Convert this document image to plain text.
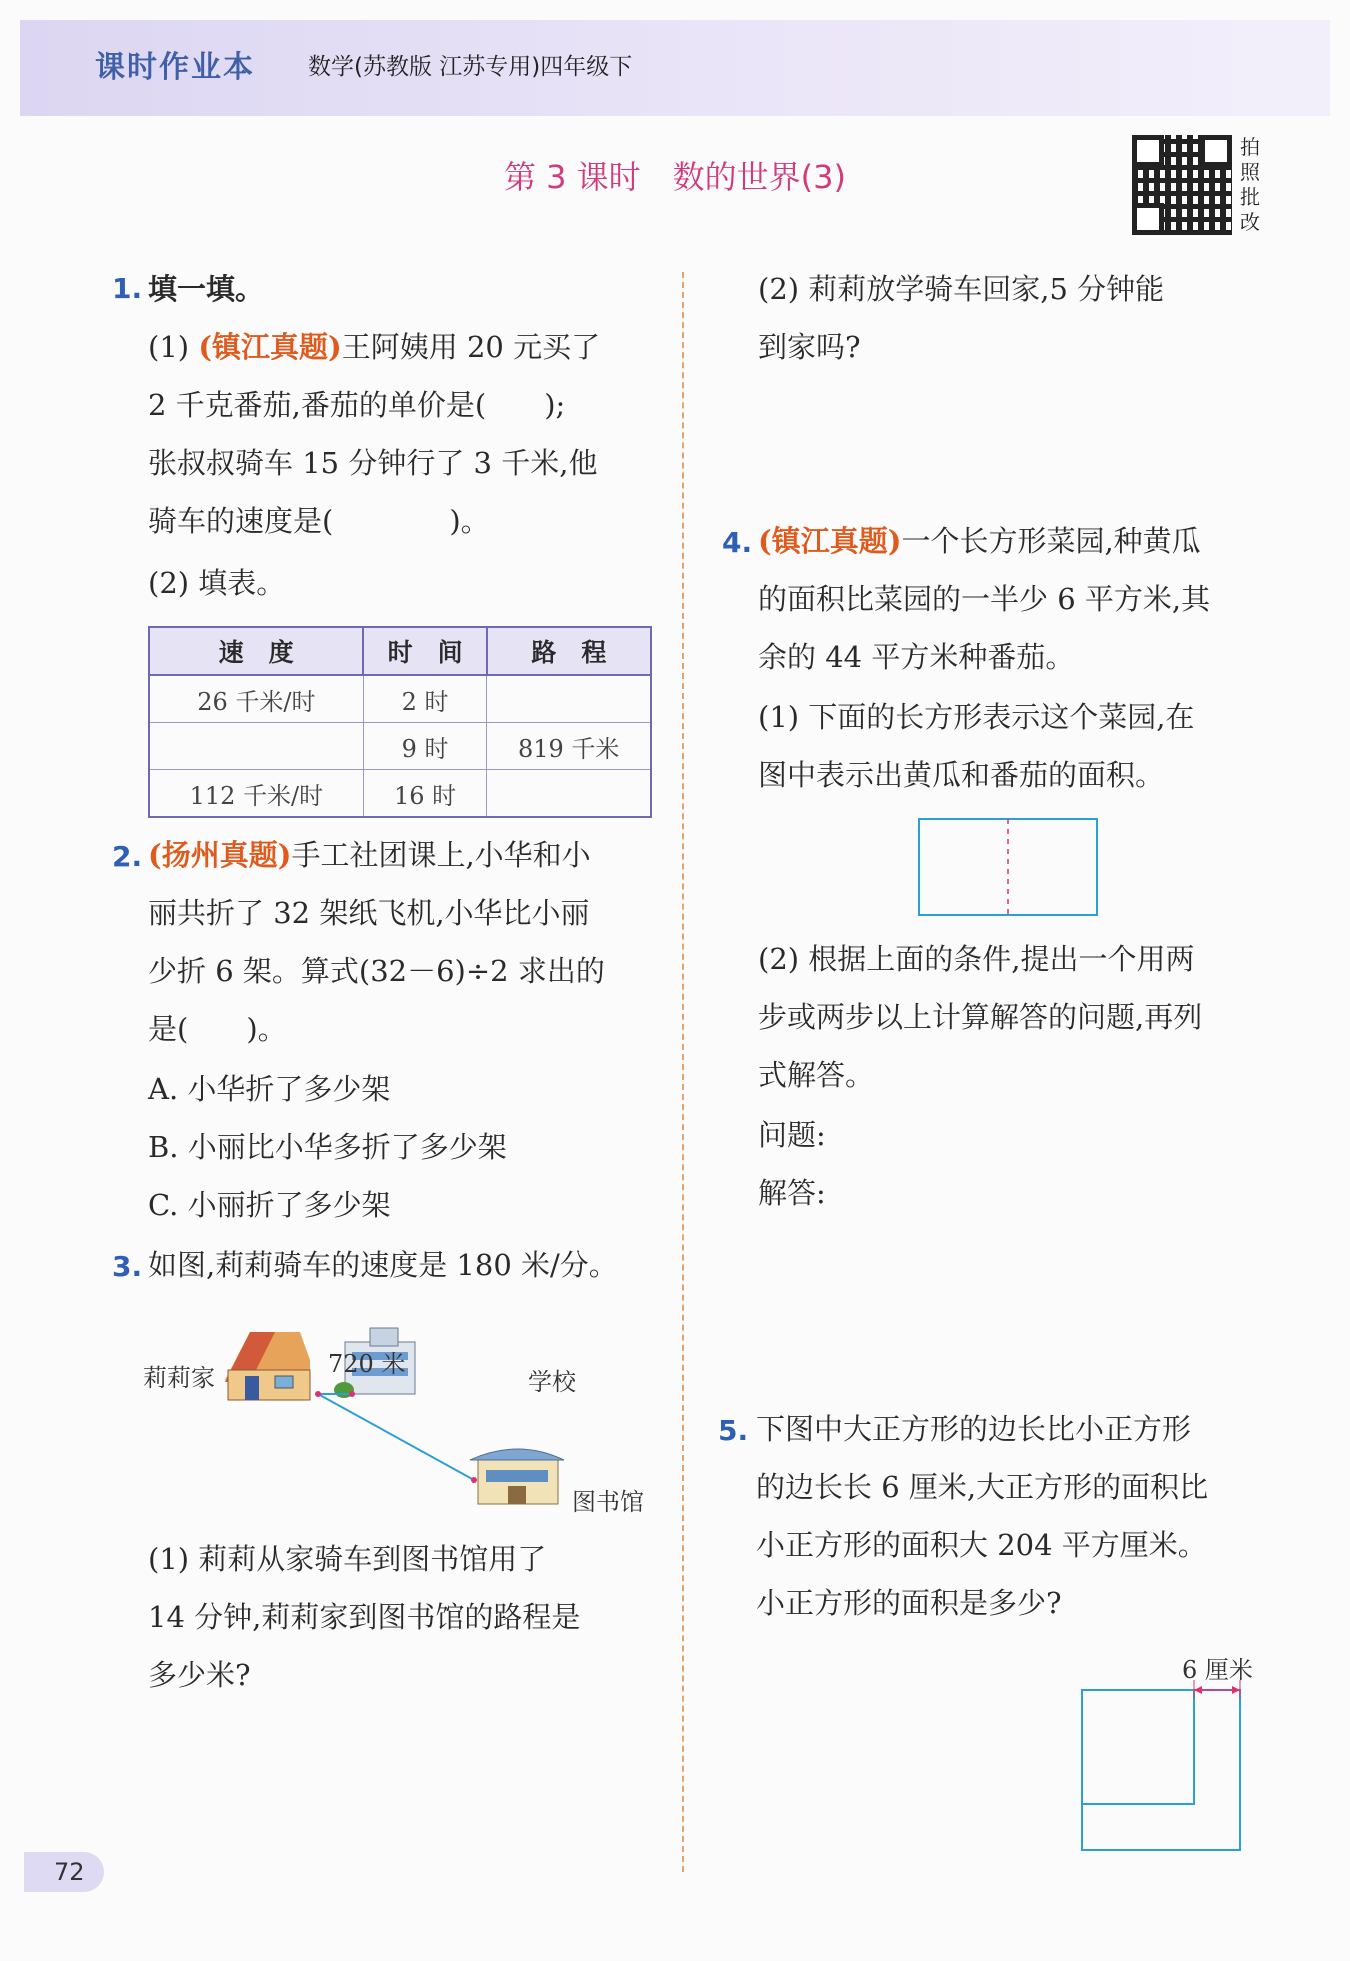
课时作业本 数学(苏教版 江苏专用)四年级下
第 3 课时　数的世界(3)
拍
照
批
改
1. 填一填。
(1) (镇江真题)王阿姨用 20 元买了
2 千克番茄,番茄的单价是(　　);
张叔叔骑车 15 分钟行了 3 千米,他
骑车的速度是(　　　　)。
(2) 填表。
速　度	时　间	路　程
26 千米/时	2 时	
	9 时	819 千米
112 千米/时	16 时	
2. (扬州真题)手工社团课上,小华和小
丽共折了 32 架纸飞机,小华比小丽
少折 6 架。算式(32－6)÷2 求出的
是(　　)。
A. 小华折了多少架
B. 小丽比小华多折了多少架
C. 小丽折了多少架
3. 如图,莉莉骑车的速度是 180 米/分。
莉莉家	720 米
学校
图书馆
(1) 莉莉从家骑车到图书馆用了
14 分钟,莉莉家到图书馆的路程是
多少米?
(2) 莉莉放学骑车回家,5 分钟能
到家吗?
4. (镇江真题)一个长方形菜园,种黄瓜
的面积比菜园的一半少 6 平方米,其
余的 44 平方米种番茄。
(1) 下面的长方形表示这个菜园,在
图中表示出黄瓜和番茄的面积。
(2) 根据上面的条件,提出一个用两
步或两步以上计算解答的问题,再列
式解答。
问题:
解答:
5. 下图中大正方形的边长比小正方形
的边长长 6 厘米,大正方形的面积比
小正方形的面积大 204 平方厘米。
小正方形的面积是多少?
6 厘米
72
